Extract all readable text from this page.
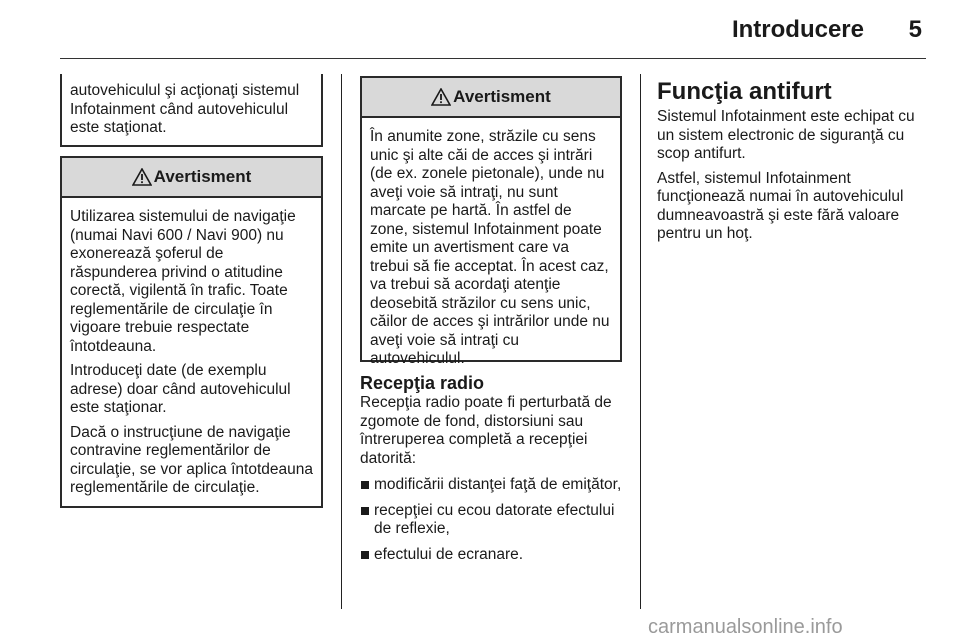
Introducere 5

autovehiculul şi acţionaţi sistemul Infotainment când autovehiculul este staţionat.

Avertisment

Utilizarea sistemului de navigaţie (numai Navi 600 / Navi 900) nu exonerează şoferul de răspunderea privind o atitudine corectă, vigilentă în trafic. Toate reglementările de circulaţie în vigoare trebuie respectate întotdeauna.

Introduceţi date (de exemplu adrese) doar când autovehiculul este staţionar.

Dacă o instrucţiune de navigaţie contravine reglementărilor de circulaţie, se vor aplica întotdeauna reglementările de circulaţie.

Avertisment

În anumite zone, străzile cu sens unic şi alte căi de acces şi intrări (de ex. zonele pietonale), unde nu aveţi voie să intraţi, nu sunt marcate pe hartă. În astfel de zone, sistemul Infotainment poate emite un avertisment care va trebui să fie acceptat. În acest caz, va trebui să acordaţi atenţie deosebită străzilor cu sens unic, căilor de acces şi intrărilor unde nu aveţi voie să intraţi cu autovehiculul.

Recepţia radio

Recepţia radio poate fi perturbată de zgomote de fond, distorsiuni sau întreruperea completă a recepţiei datorită:

modificării distanţei faţă de emiţător,
recepţiei cu ecou datorate efectului de reflexie,
efectului de ecranare.
Funcţia antifurt

Sistemul Infotainment este echipat cu un sistem electronic de siguranţă cu scop antifurt.

Astfel, sistemul Infotainment funcţionează numai în autovehiculul dumneavoastră şi este fără valoare pentru un hoţ.

carmanualsonline.info
